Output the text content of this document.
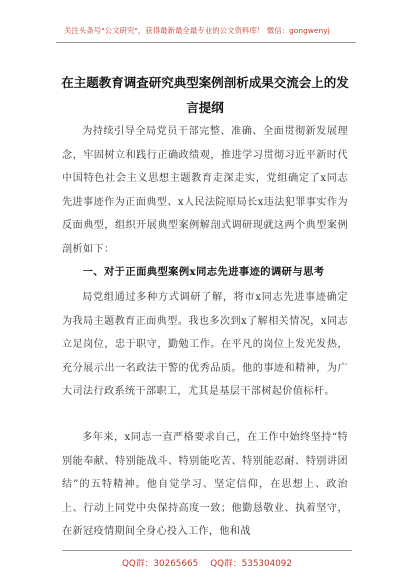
关注头条号"公文研究"，获得最新最全最专业的公文资料库！ 微信：gongwenyj
在主题教育调查研究典型案例剖析成果交流会上的发言提纲
为持续引导全局党员干部完整、准确、全面贯彻新发展理念，牢固树立和践行正确政绩观，推进学习贯彻习近平新时代中国特色社会主义思想主题教育走深走实，党组确定了x同志先进事迹作为正面典型、x人民法院原局长x违法犯罪事实作为反面典型，组织开展典型案例解剖式调研现就这两个典型案例剖析如下：
一、对于正面典型案例x同志先进事迹的调研与思考
局党组通过多种方式调研了解，将市x同志先进事迹确定为我局主题教育正面典型。我也多次到x了解相关情况，x同志立足岗位，忠于职守，勤勉工作。在平凡的岗位上发光发热，充分展示出一名政法干警的优秀品质。他的事迹和精神，为广大司法行政系统干部职工，尤其是基层干部树起价值标杆。
多年来，x同志一直严格要求自己，在工作中始终坚持“特别能奉献、特别能战斗、特别能吃苦、特别能忍耐、特别讲团结”的五特精神。他自觉学习、坚定信仰，在思想上、政治上、行动上同党中央保持高度一致；他勤恳敬业、执着坚守，在新冠疫情期间全身心投入工作，他和战
QQ群：30265665 QQ群：535304092
